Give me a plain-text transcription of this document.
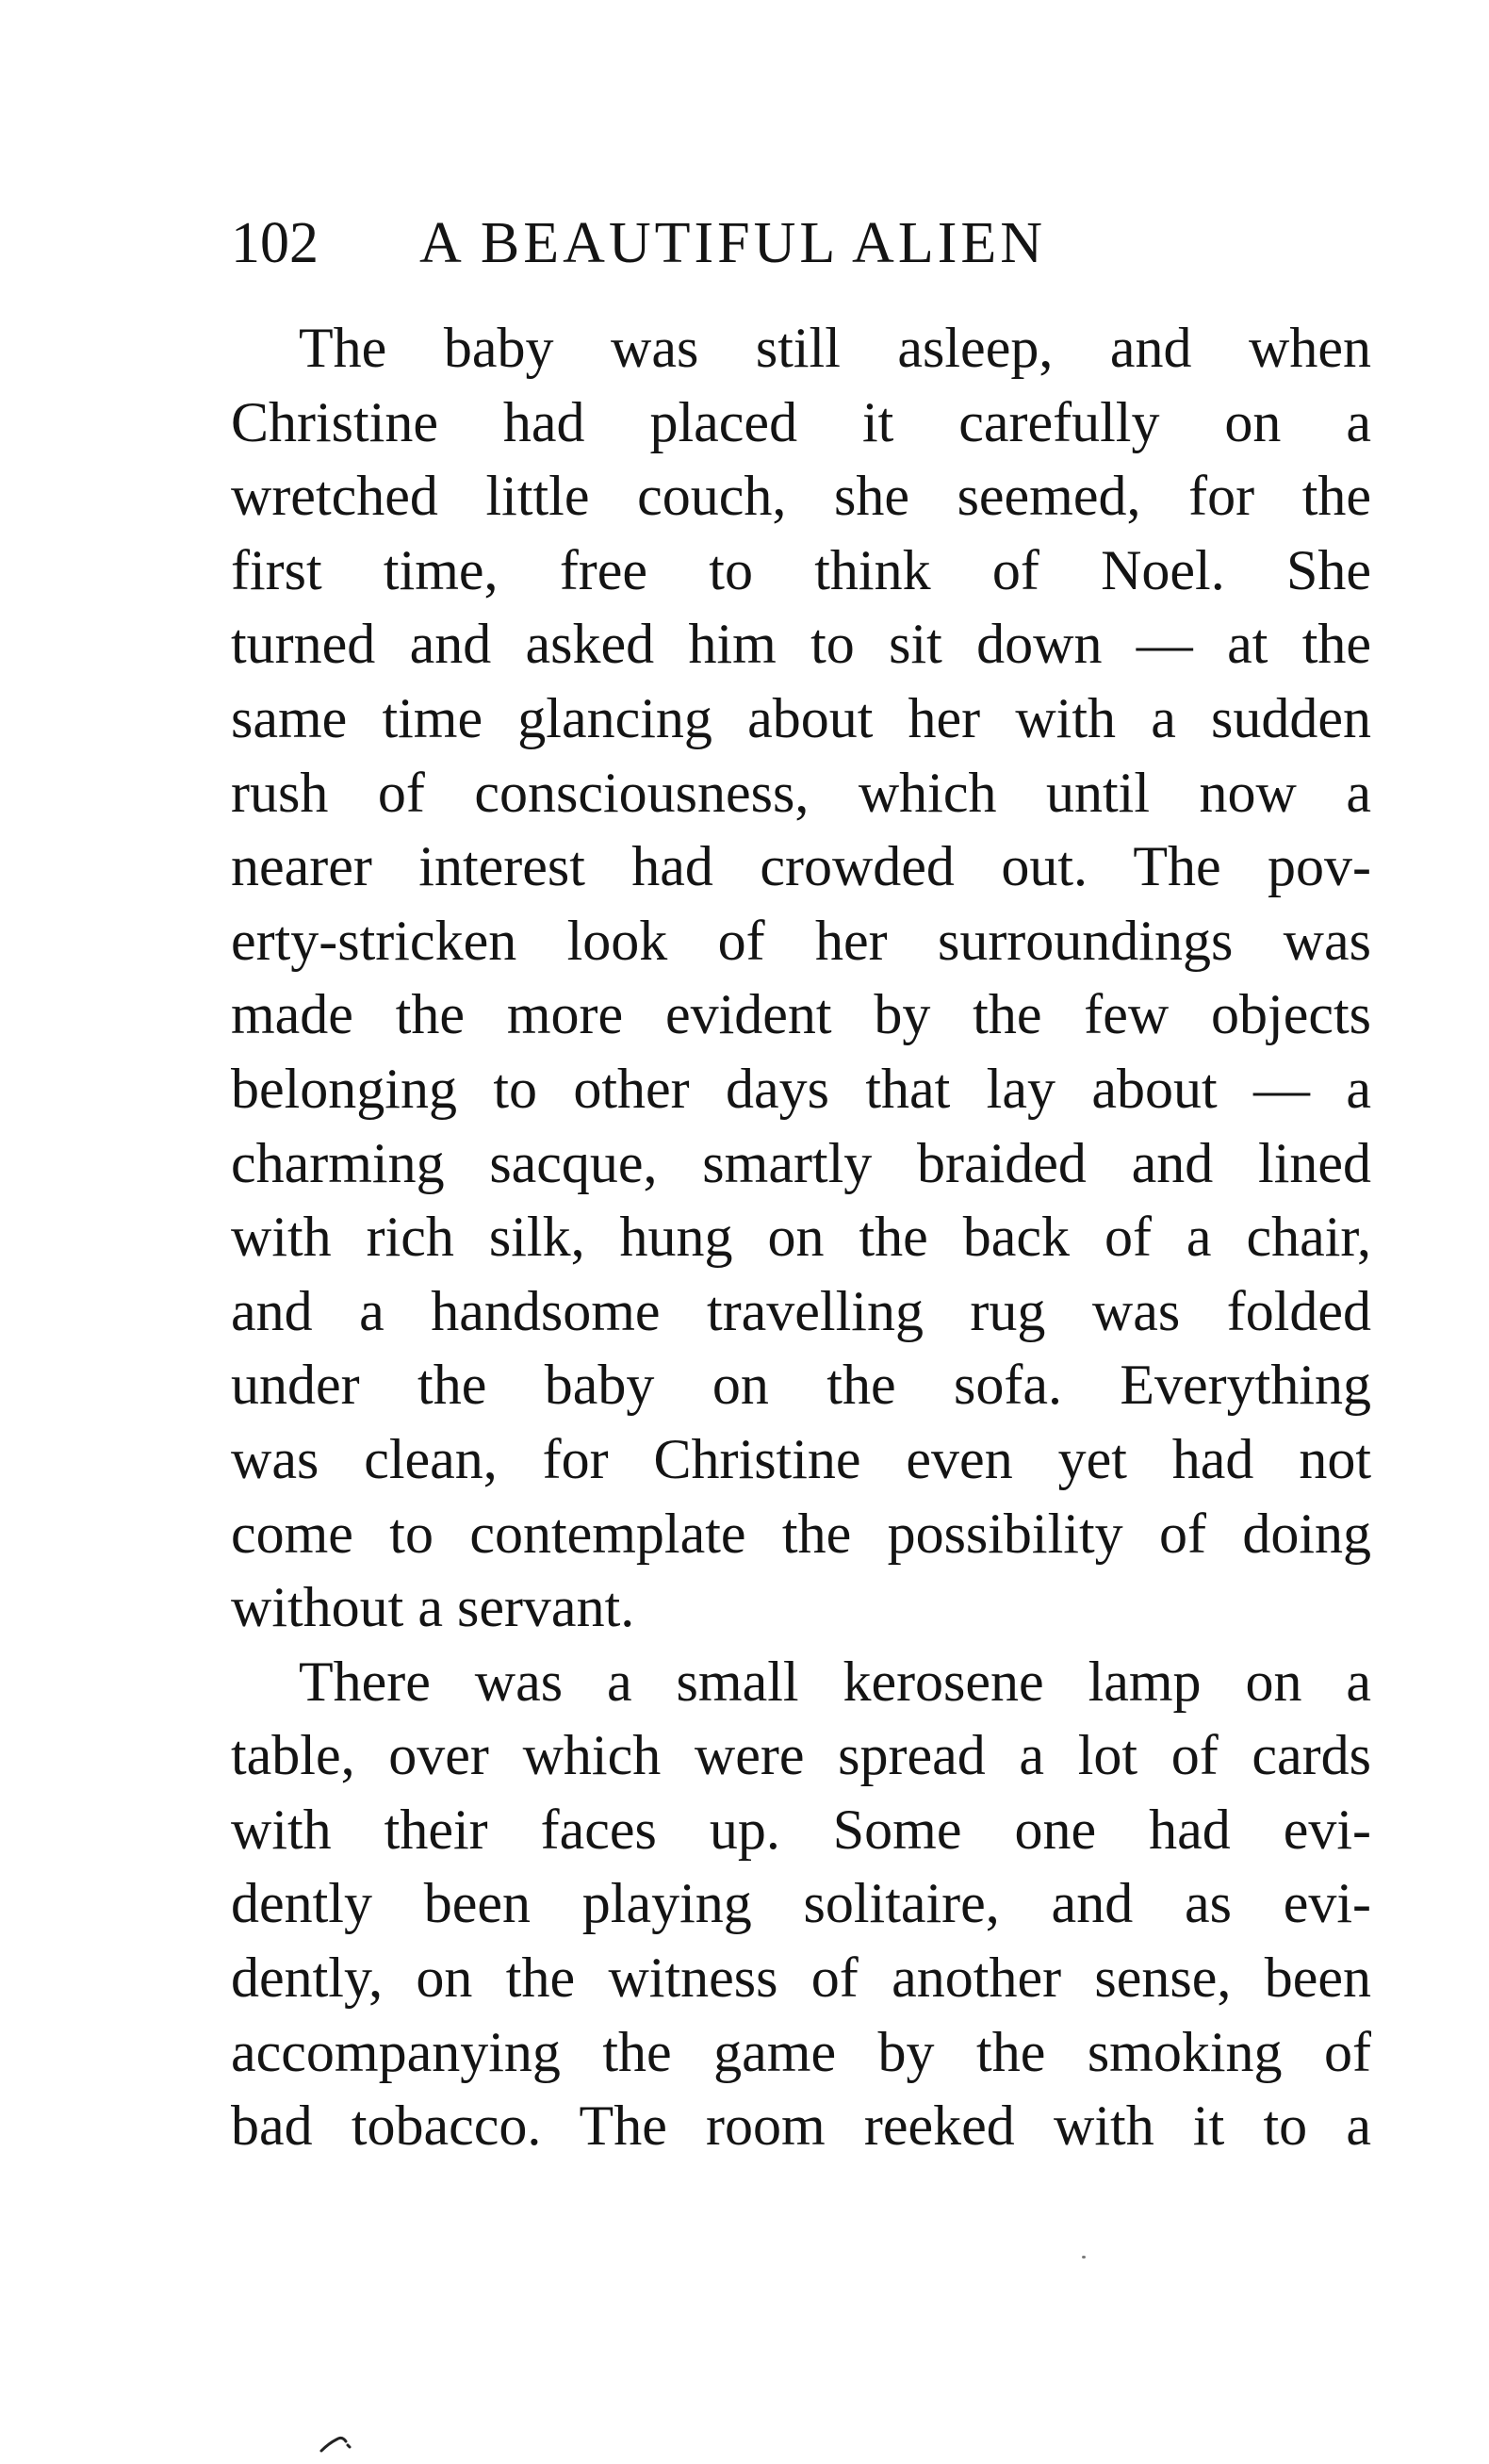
102 A BEAUTIFUL ALIEN
The baby was still asleep, and when
Christine had placed it carefully on a
wretched little couch, she seemed, for the
first time, free to think of Noel. She
turned and asked him to sit down — at the
same time glancing about her with a sudden
rush of consciousness, which until now a
nearer interest had crowded out. The pov-
erty-stricken look of her surroundings was
made the more evident by the few objects
belonging to other days that lay about — a
charming sacque, smartly braided and lined
with rich silk, hung on the back of a chair,
and a handsome travelling rug was folded
under the baby on the sofa. Everything
was clean, for Christine even yet had not
come to contemplate the possibility of doing
without a servant.
There was a small kerosene lamp on a
table, over which were spread a lot of cards
with their faces up. Some one had evi-
dently been playing solitaire, and as evi-
dently, on the witness of another sense, been
accompanying the game by the smoking of
bad tobacco. The room reeked with it to a
